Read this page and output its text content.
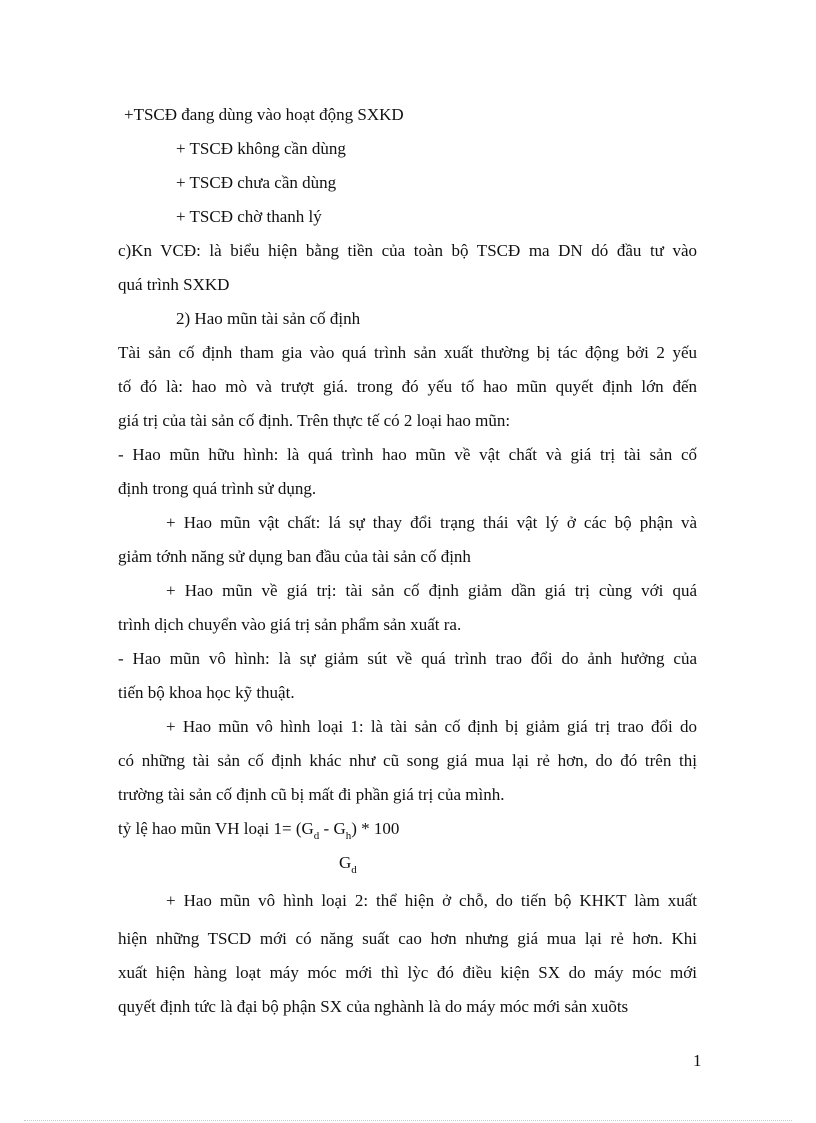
+TSCĐ đang dùng vào hoạt động SXKD
+ TSCĐ không cần dùng
+ TSCĐ chưa cần dùng
+ TSCĐ chờ thanh lý
c)Kn VCĐ: là biểu hiện bằng tiền của toàn bộ TSCĐ ma DN dó đầu tư vào
quá trình SXKD
2) Hao mũn tài sản cố định
Tài sản cố định tham gia vào quá trình sản xuất thường bị tác động bởi 2 yếu
tố đó là: hao mò và trượt giá. trong đó yếu tố hao mũn quyết định lớn đến
giá trị của tài sản cố định. Trên thực tế có 2 loại hao mũn:
- Hao mũn hữu hình: là quá trình hao mũn về vật chất và giá trị tài sản cố
định trong quá trình sử dụng.
+ Hao mũn vật chất: lá sự thay đổi trạng thái vật lý ở các bộ phận và
giảm tớnh năng sử dụng ban đầu của tài sản cố định
+ Hao mũn về giá trị: tài sản cố định giảm dần giá trị cùng với quá
trình dịch chuyển vào giá trị sản phẩm sản xuất ra.
- Hao mũn vô hình: là sự giảm sút về quá trình trao đổi do ảnh hưởng của
tiến bộ khoa học kỹ thuật.
+ Hao mũn vô hình loại 1: là tài sản cố định bị giảm giá trị trao đổi do
có những tài sản cố định khác như cũ song giá mua lại rẻ hơn, do đó trên thị
trường tài sản cố định cũ bị mất đi phần giá trị của mình.
tỷ lệ hao mũn VH loại $1= (G_d - G_h) * 100$
$G_d$
+ Hao mũn vô hình loại 2: thể hiện ở chỗ, do tiến bộ KHKT làm xuất
hiện những TSCD mới có năng suất cao hơn nhưng giá mua lại rẻ hơn. Khi
xuất hiện hàng loạt máy móc mới thì lỳc đó điều kiện SX do máy móc mới
quyết định tức là đại bộ phận SX của nghành là do máy móc mới sản xuõts
1
